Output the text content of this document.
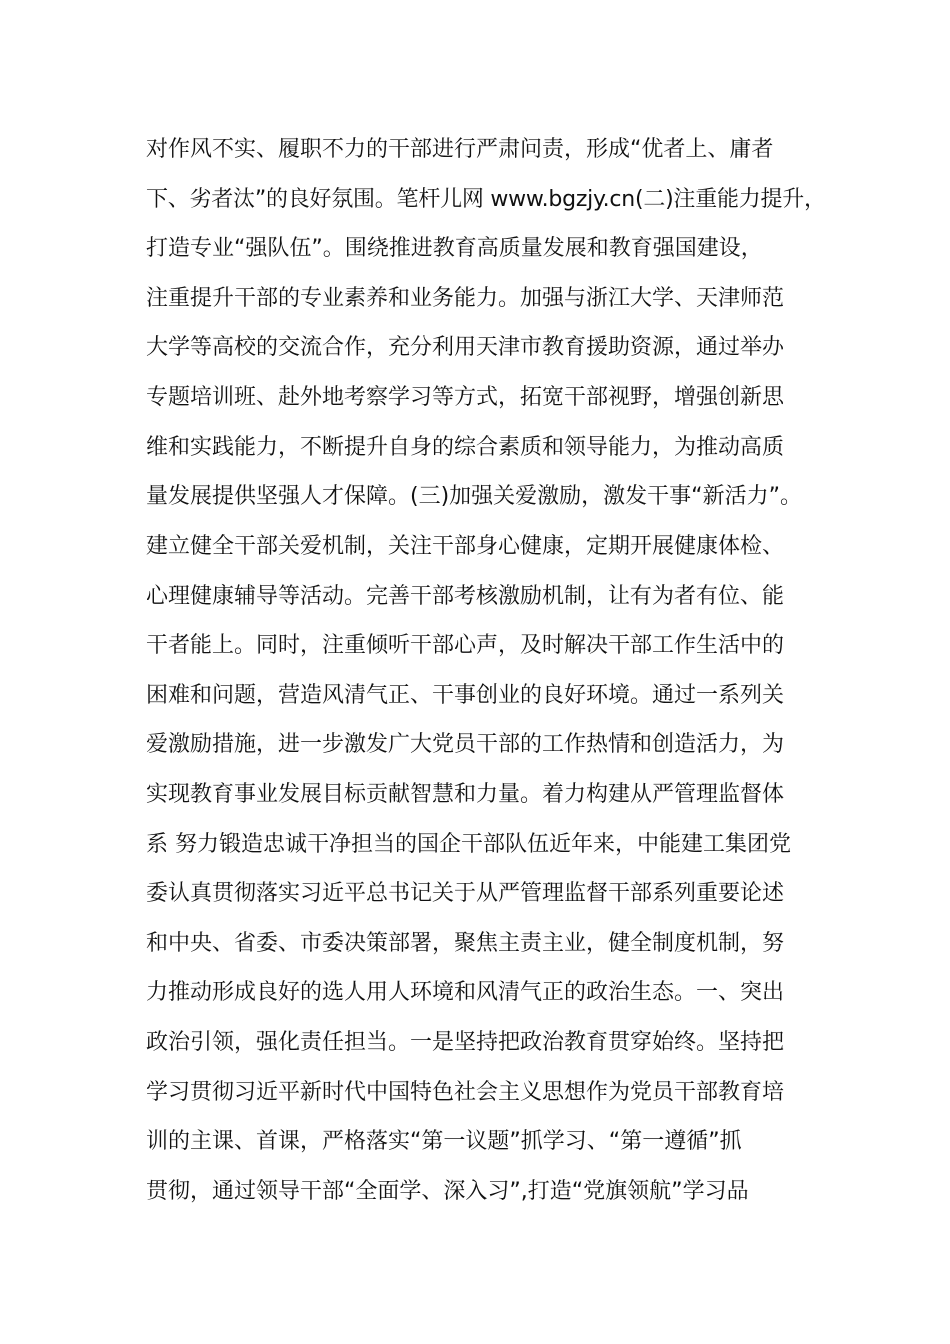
对作风不实、履职不力的干部进行严肃问责，形成“优者上、庸者
下、劣者汰”的良好氛围。笔杆儿网 www.bgzjy.cn(二)注重能力提升，
打造专业“强队伍”。围绕推进教育高质量发展和教育强国建设，
注重提升干部的专业素养和业务能力。加强与浙江大学、天津师范
大学等高校的交流合作，充分利用天津市教育援助资源，通过举办
专题培训班、赴外地考察学习等方式，拓宽干部视野，增强创新思
维和实践能力，不断提升自身的综合素质和领导能力，为推动高质
量发展提供坚强人才保障。(三)加强关爱激励，激发干事“新活力”。
建立健全干部关爱机制，关注干部身心健康，定期开展健康体检、
心理健康辅导等活动。完善干部考核激励机制，让有为者有位、能
干者能上。同时，注重倾听干部心声，及时解决干部工作生活中的
困难和问题，营造风清气正、干事创业的良好环境。通过一系列关
爱激励措施，进一步激发广大党员干部的工作热情和创造活力，为
实现教育事业发展目标贡献智慧和力量。着力构建从严管理监督体
系 努力锻造忠诚干净担当的国企干部队伍近年来，中能建工集团党
委认真贯彻落实习近平总书记关于从严管理监督干部系列重要论述
和中央、省委、市委决策部署，聚焦主责主业，健全制度机制，努
力推动形成良好的选人用人环境和风清气正的政治生态。一、突出
政治引领，强化责任担当。一是坚持把政治教育贯穿始终。坚持把
学习贯彻习近平新时代中国特色社会主义思想作为党员干部教育培
训的主课、首课，严格落实“第一议题”抓学习、“第一遵循”抓
贯彻，通过领导干部“全面学、深入习”,打造“党旗领航”学习品
